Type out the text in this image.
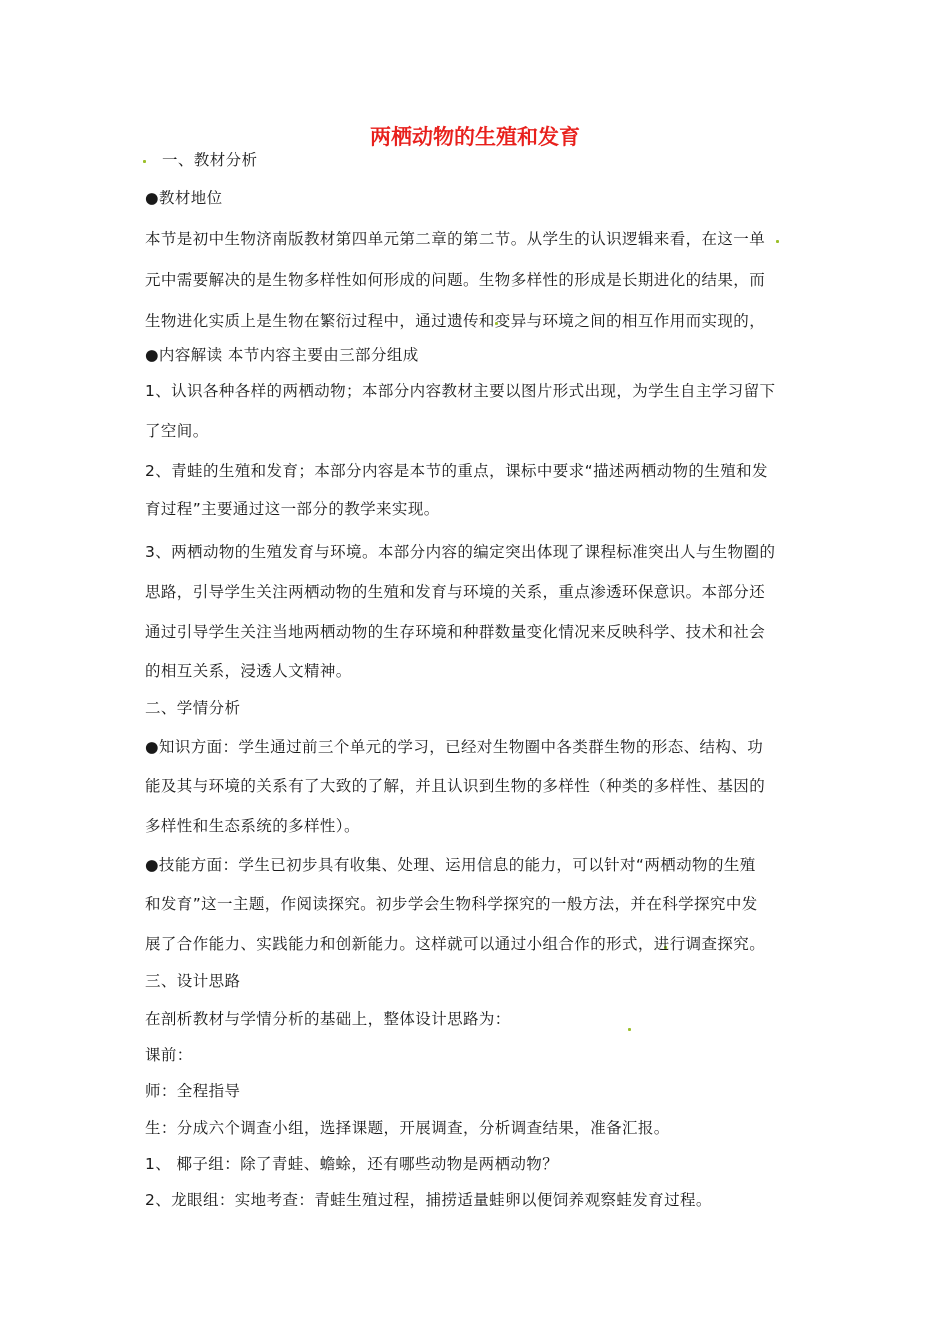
两栖动物的生殖和发育
一、教材分析
●教材地位
本节是初中生物济南版教材第四单元第二章的第二节。从学生的认识逻辑来看，在这一单
元中需要解决的是生物多样性如何形成的问题。生物多样性的形成是长期进化的结果，而
生物进化实质上是生物在繁衍过程中，通过遗传和变异与环境之间的相互作用而实现的，
●内容解读 本节内容主要由三部分组成
1、认识各种各样的两栖动物；本部分内容教材主要以图片形式出现，为学生自主学习留下
了空间。
2、青蛙的生殖和发育；本部分内容是本节的重点，课标中要求“描述两栖动物的生殖和发
育过程”主要通过这一部分的教学来实现。
3、两栖动物的生殖发育与环境。本部分内容的编定突出体现了课程标准突出人与生物圈的
思路，引导学生关注两栖动物的生殖和发育与环境的关系，重点渗透环保意识。本部分还
通过引导学生关注当地两栖动物的生存环境和种群数量变化情况来反映科学、技术和社会
的相互关系，浸透人文精神。
二、学情分析
●知识方面：学生通过前三个单元的学习，已经对生物圈中各类群生物的形态、结构、功
能及其与环境的关系有了大致的了解，并且认识到生物的多样性（种类的多样性、基因的
多样性和生态系统的多样性）。
●技能方面：学生已初步具有收集、处理、运用信息的能力，可以针对“两栖动物的生殖
和发育”这一主题，作阅读探究。初步学会生物科学探究的一般方法，并在科学探究中发
展了合作能力、实践能力和创新能力。这样就可以通过小组合作的形式，进行调查探究。
三、设计思路
在剖析教材与学情分析的基础上，整体设计思路为：
课前：
师：全程指导
生：分成六个调查小组，选择课题，开展调查，分析调查结果，准备汇报。
1、 椰子组：除了青蛙、蟾蜍，还有哪些动物是两栖动物？
2、龙眼组：实地考查：青蛙生殖过程，捕捞适量蛙卵以便饲养观察蛙发育过程。
